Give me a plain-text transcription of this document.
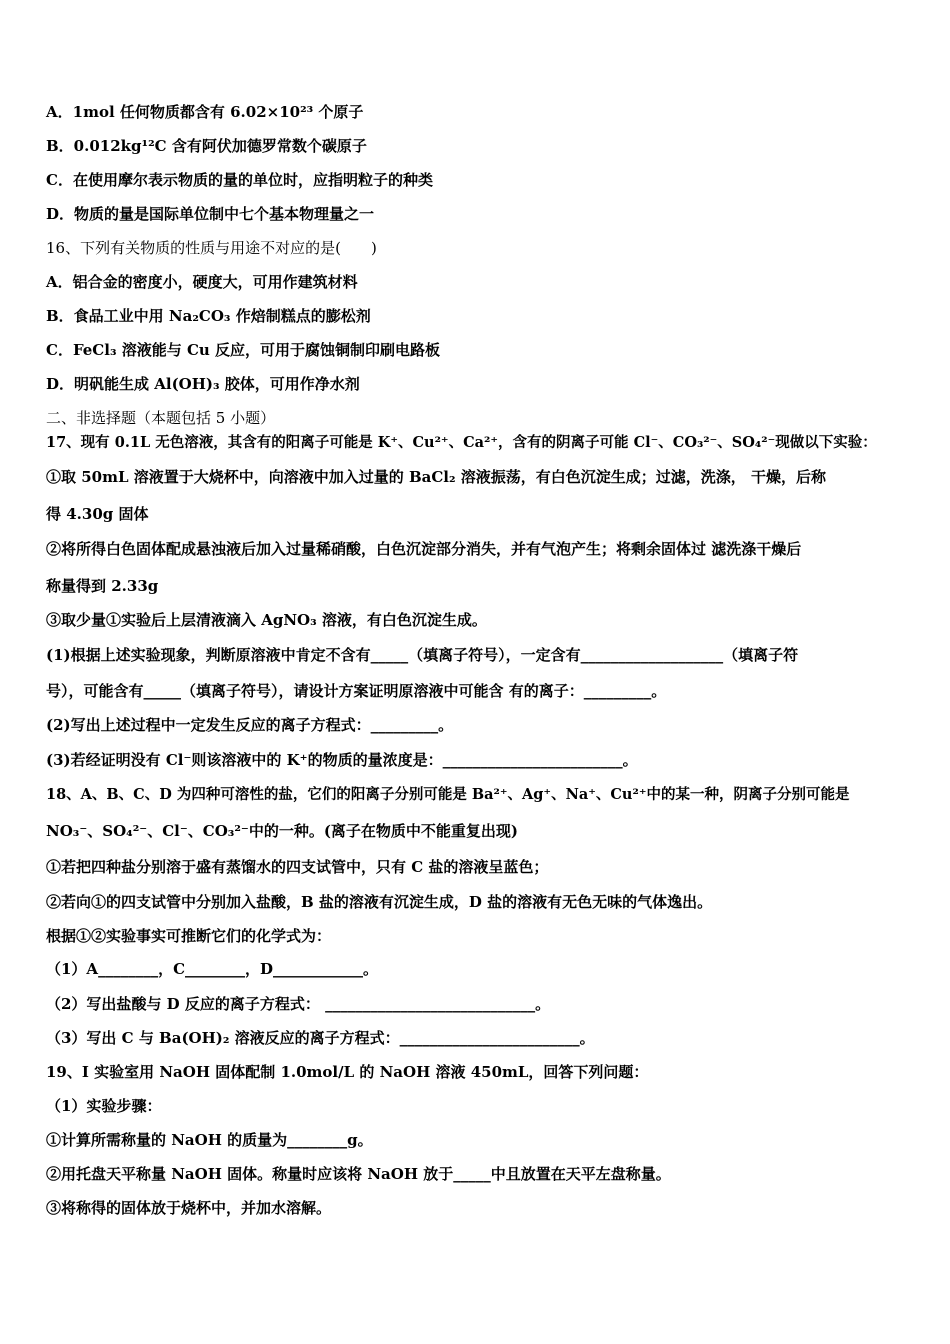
A．1mol 任何物质都含有 6.02×10²³ 个原子
B．0.012kg¹²C 含有阿伏加德罗常数个碳原子
C．在使用摩尔表示物质的量的单位时，应指明粒子的种类
D．物质的量是国际单位制中七个基本物理量之一
16、下列有关物质的性质与用途不对应的是(　　)
A．铝合金的密度小，硬度大，可用作建筑材料
B．食品工业中用 Na₂CO₃ 作焙制糕点的膨松剂
C．FeCl₃ 溶液能与 Cu 反应，可用于腐蚀铜制印刷电路板
D．明矾能生成 Al(OH)₃ 胶体，可用作净水剂
二、非选择题（本题包括 5 小题）
17、现有 0.1L 无色溶液，其含有的阳离子可能是 K⁺、Cu²⁺、Ca²⁺，含有的阴离子可能 Cl⁻、CO₃²⁻、SO₄²⁻现做以下实验：
①取 50mL 溶液置于大烧杯中，向溶液中加入过量的 BaCl₂ 溶液振荡，有白色沉淀生成；过滤，洗涤， 干燥，后称
得 4.30g 固体
②将所得白色固体配成悬浊液后加入过量稀硝酸，白色沉淀部分消失，并有气泡产生；将剩余固体过 滤洗涤干燥后
称量得到 2.33g
③取少量①实验后上层清液滴入 AgNO₃ 溶液，有白色沉淀生成。
(1)根据上述实验现象，判断原溶液中肯定不含有_____（填离子符号），一定含有___________________（填离子符
号），可能含有_____（填离子符号），请设计方案证明原溶液中可能含 有的离子：_________。
(2)写出上述过程中一定发生反应的离子方程式：_________。
(3)若经证明没有 Cl⁻则该溶液中的 K⁺的物质的量浓度是：________________________。
18、A、B、C、D 为四种可溶性的盐，它们的阳离子分别可能是 Ba²⁺、Ag⁺、Na⁺、Cu²⁺中的某一种，阴离子分别可能是
NO₃⁻、SO₄²⁻、Cl⁻、CO₃²⁻中的一种。(离子在物质中不能重复出现)
①若把四种盐分别溶于盛有蒸馏水的四支试管中，只有 C 盐的溶液呈蓝色；
②若向①的四支试管中分别加入盐酸，B 盐的溶液有沉淀生成，D 盐的溶液有无色无味的气体逸出。
根据①②实验事实可推断它们的化学式为：
（1）A________，C________，D____________。
（2）写出盐酸与 D 反应的离子方程式： ____________________________。
（3）写出 C 与 Ba(OH)₂ 溶液反应的离子方程式：________________________。
19、I 实验室用 NaOH 固体配制 1.0mol/L 的 NaOH 溶液 450mL，回答下列问题：
（1）实验步骤：
①计算所需称量的 NaOH 的质量为________g。
②用托盘天平称量 NaOH 固体。称量时应该将 NaOH 放于_____中且放置在天平左盘称量。
③将称得的固体放于烧杯中，并加水溶解。
